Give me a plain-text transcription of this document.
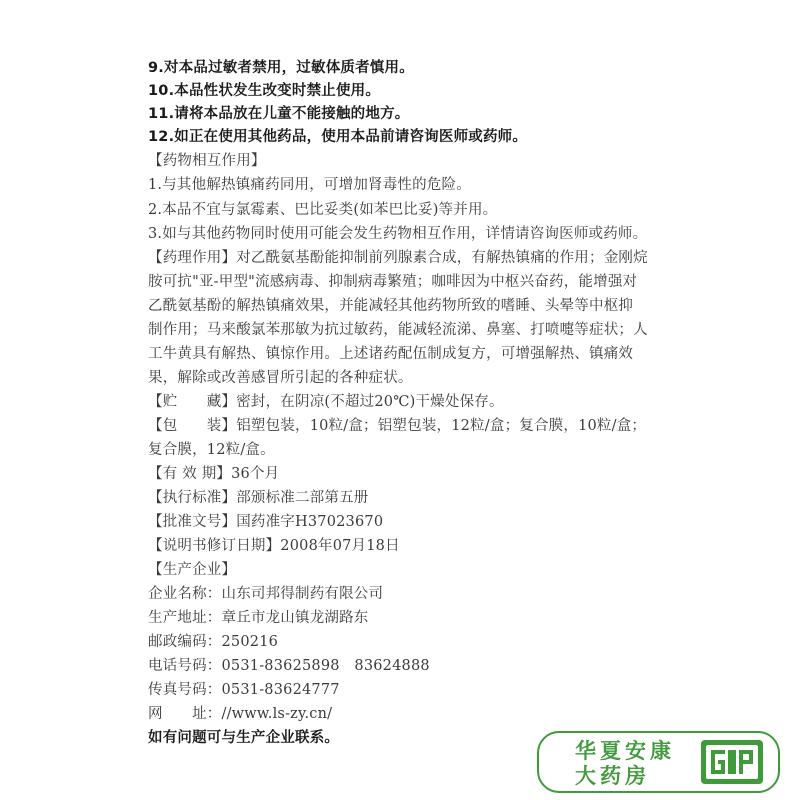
9.对本品过敏者禁用，过敏体质者慎用。
10.本品性状发生改变时禁止使用。
11.请将本品放在儿童不能接触的地方。
12.如正在使用其他药品，使用本品前请咨询医师或药师。
【药物相互作用】
1.与其他解热镇痛药同用，可增加肾毒性的危险。
2.本品不宜与氯霉素、巴比妥类(如苯巴比妥)等并用。
3.如与其他药物同时使用可能会发生药物相互作用，详情请咨询医师或药师。
【药理作用】对乙酰氨基酚能抑制前列腺素合成，有解热镇痛的作用；金刚烷
胺可抗"亚-甲型"流感病毒、抑制病毒繁殖；咖啡因为中枢兴奋药，能增强对
乙酰氨基酚的解热镇痛效果，并能减轻其他药物所致的嗜睡、头晕等中枢抑
制作用；马来酸氯苯那敏为抗过敏药，能减轻流涕、鼻塞、打喷嚏等症状；人
工牛黄具有解热、镇惊作用。上述诸药配伍制成复方，可增强解热、镇痛效
果，解除或改善感冒所引起的各种症状。
【贮　　藏】密封，在阴凉(不超过20℃)干燥处保存。
【包　　装】铝塑包装，10粒/盒；铝塑包装，12粒/盒；复合膜，10粒/盒；
复合膜，12粒/盒。
【有 效 期】36个月
【执行标准】部颁标准二部第五册
【批准文号】国药准字H37023670
【说明书修订日期】2008年07月18日
【生产企业】
企业名称：山东司邦得制药有限公司
生产地址：章丘市龙山镇龙湖路东
邮政编码：250216
电话号码：0531-83625898　83624888
传真号码：0531-83624777
网　　址：//www.ls-zy.cn/
如有问题可与生产企业联系。
华夏安康
大药房
